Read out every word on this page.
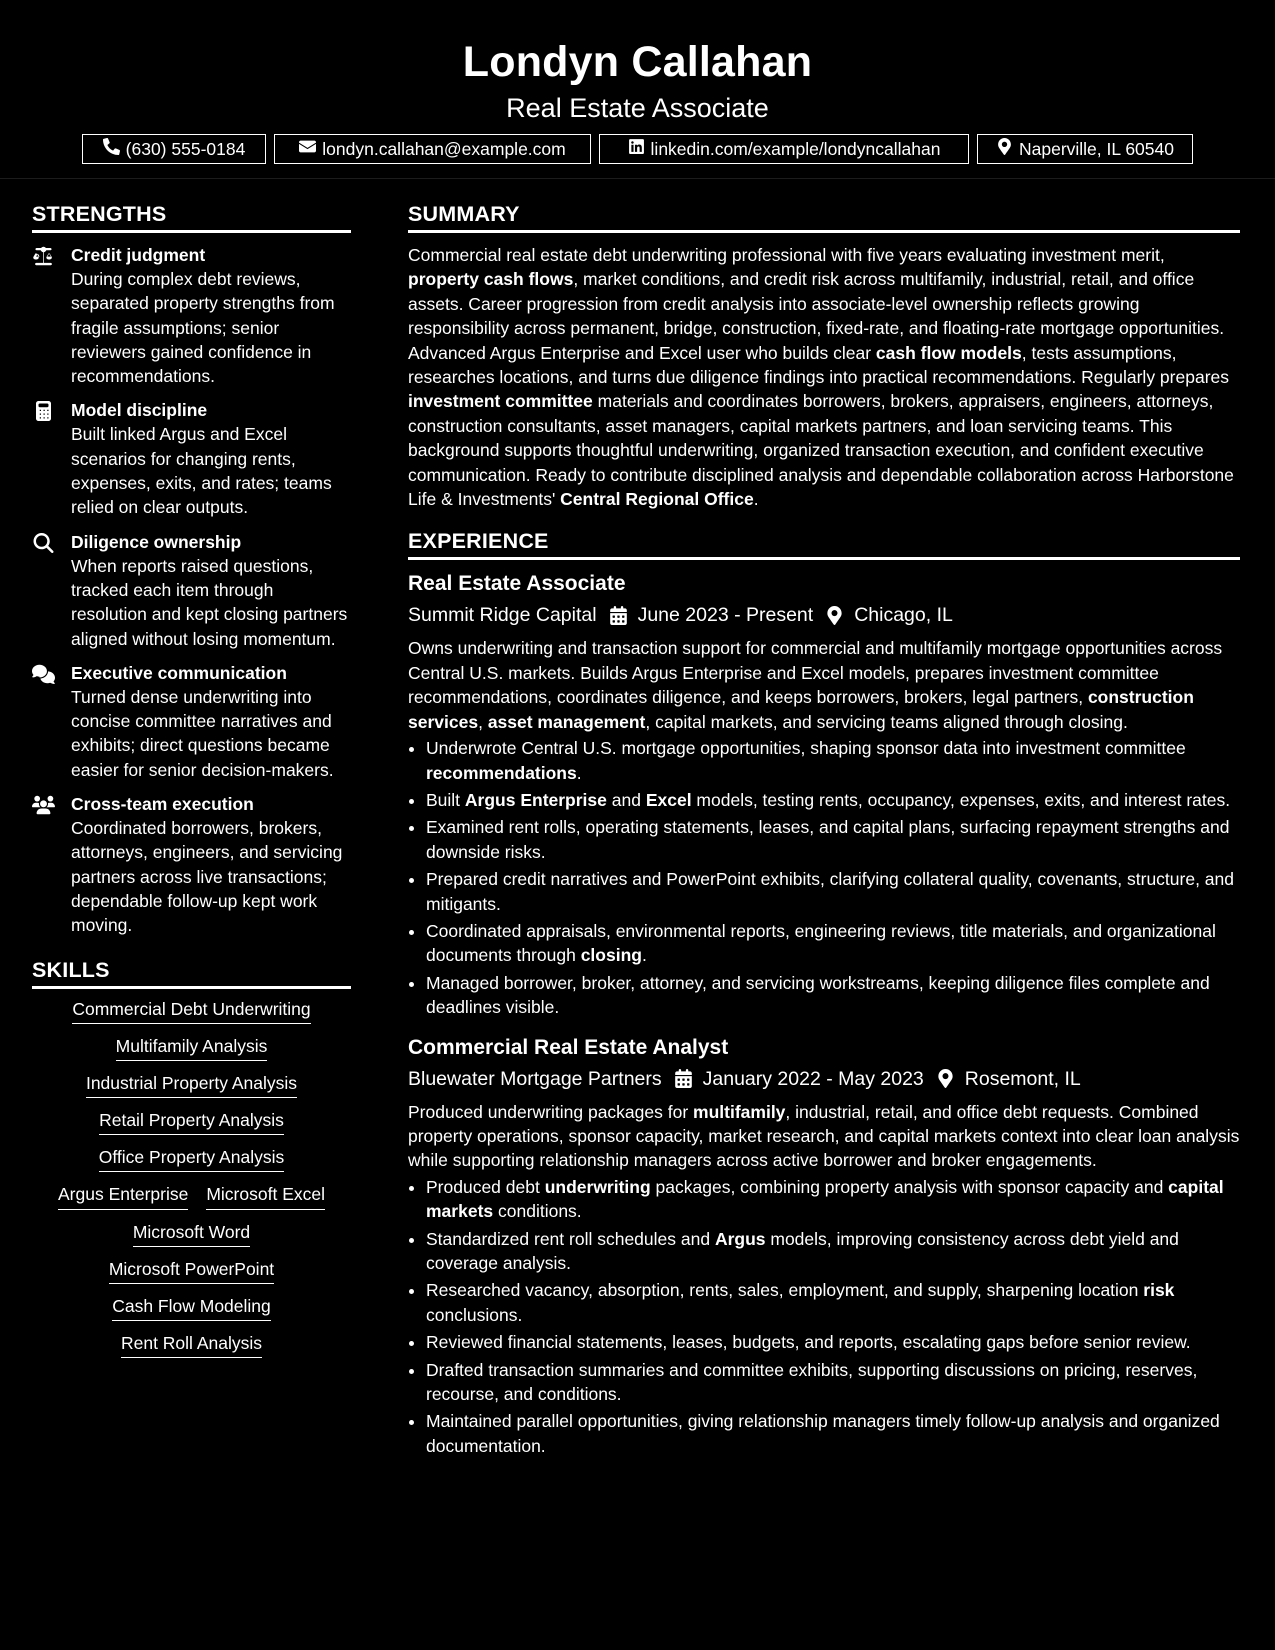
Londyn Callahan
Real Estate Associate
(630) 555-0184	londyn.callahan@example.com	linkedin.com/example/londyncallahan	Naperville, IL 60540
STRENGTHS
Credit judgment
During complex debt reviews, separated property strengths from fragile assumptions; senior reviewers gained confidence in recommendations.
Model discipline
Built linked Argus and Excel scenarios for changing rents, expenses, exits, and rates; teams relied on clear outputs.
Diligence ownership
When reports raised questions, tracked each item through resolution and kept closing partners aligned without losing momentum.
Executive communication
Turned dense underwriting into concise committee narratives and exhibits; direct questions became easier for senior decision-makers.
Cross-team execution
Coordinated borrowers, brokers, attorneys, engineers, and servicing partners across live transactions; dependable follow-up kept work moving.
SKILLS
Commercial Debt Underwriting
Multifamily Analysis
Industrial Property Analysis
Retail Property Analysis
Office Property Analysis
Argus Enterprise Microsoft Excel
Microsoft Word
Microsoft PowerPoint
Cash Flow Modeling
Rent Roll Analysis
SUMMARY
Commercial real estate debt underwriting professional with five years evaluating investment merit, property cash flows, market conditions, and credit risk across multifamily, industrial, retail, and office assets. Career progression from credit analysis into associate-level ownership reflects growing responsibility across permanent, bridge, construction, fixed-rate, and floating-rate mortgage opportunities. Advanced Argus Enterprise and Excel user who builds clear cash flow models, tests assumptions, researches locations, and turns due diligence findings into practical recommendations. Regularly prepares investment committee materials and coordinates borrowers, brokers, appraisers, engineers, attorneys, construction consultants, asset managers, capital markets partners, and loan servicing teams. This background supports thoughtful underwriting, organized transaction execution, and confident executive communication. Ready to contribute disciplined analysis and dependable collaboration across Harborstone Life & Investments' Central Regional Office.
EXPERIENCE
Real Estate Associate
Summit Ridge Capital June 2023 - Present Chicago, IL
Owns underwriting and transaction support for commercial and multifamily mortgage opportunities across Central U.S. markets. Builds Argus Enterprise and Excel models, prepares investment committee recommendations, coordinates diligence, and keeps borrowers, brokers, legal partners, construction services, asset management, capital markets, and servicing teams aligned through closing.
• Underwrote Central U.S. mortgage opportunities, shaping sponsor data into investment committee recommendations.
• Built Argus Enterprise and Excel models, testing rents, occupancy, expenses, exits, and interest rates.
• Examined rent rolls, operating statements, leases, and capital plans, surfacing repayment strengths and downside risks.
• Prepared credit narratives and PowerPoint exhibits, clarifying collateral quality, covenants, structure, and mitigants.
• Coordinated appraisals, environmental reports, engineering reviews, title materials, and organizational documents through closing.
• Managed borrower, broker, attorney, and servicing workstreams, keeping diligence files complete and deadlines visible.
Commercial Real Estate Analyst
Bluewater Mortgage Partners January 2022 - May 2023 Rosemont, IL
Produced underwriting packages for multifamily, industrial, retail, and office debt requests. Combined property operations, sponsor capacity, market research, and capital markets context into clear loan analysis while supporting relationship managers across active borrower and broker engagements.
• Produced debt underwriting packages, combining property analysis with sponsor capacity and capital markets conditions.
• Standardized rent roll schedules and Argus models, improving consistency across debt yield and coverage analysis.
• Researched vacancy, absorption, rents, sales, employment, and supply, sharpening location risk conclusions.
• Reviewed financial statements, leases, budgets, and reports, escalating gaps before senior review.
• Drafted transaction summaries and committee exhibits, supporting discussions on pricing, reserves, recourse, and conditions.
• Maintained parallel opportunities, giving relationship managers timely follow-up analysis and organized documentation.
